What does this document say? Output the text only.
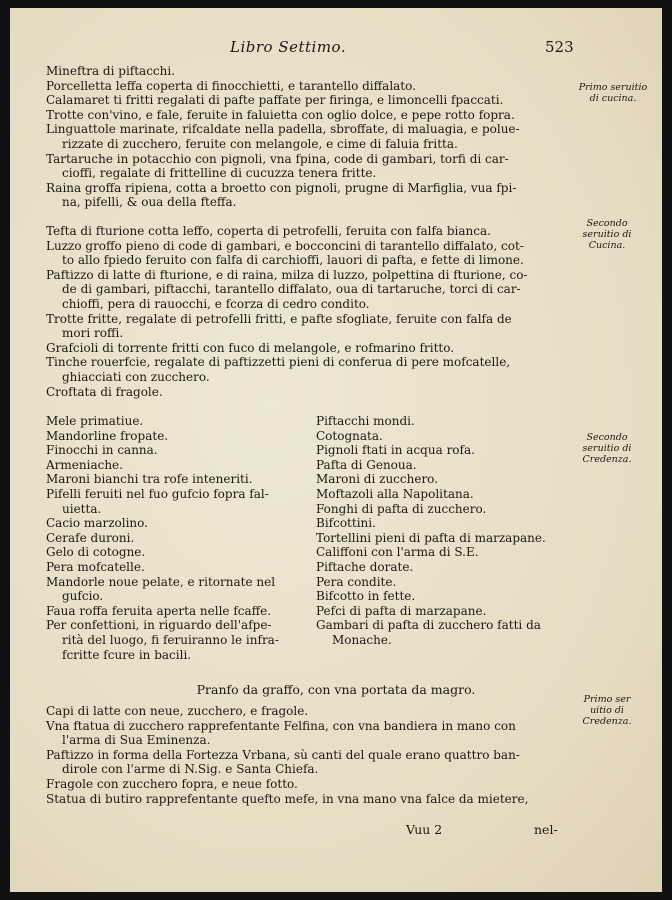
Libro Settimo.	523
Mineftra di piftacchi.
Porcelletta leffa coperta di finocchietti, e tarantello diffalato.
Calamaret ti fritti regalati di pafte paffate per firinga, e limoncelli fpaccati.
Trotte con'vino, e fale, feruite in faluietta con oglio dolce, e pepe rotto fopra.
Linguattole marinate, rifcaldate nella padella, sbroffate, di maluagia, e polue-
rizzate di zucchero, feruite con melangole, e cime di faluia fritta.
Tartaruche in potacchio con pignoli, vna fpina, code di gambari, torfi di car-
cioffi, regalate di frittelline di cucuzza tenera fritte.
Raina groffa ripiena, cotta a broetto con pignoli, prugne di Marfiglia, vua fpi-
na, pifelli, & oua della fteffa.
Primo seruitio di cucina.
Tefta di fturione cotta leffo, coperta di petrofelli, feruita con falfa bianca.
Luzzo groffo pieno di code di gambari, e bocconcini di tarantello diffalato, cot-
to allo fpiedo feruito con falfa di carchioffi, lauori di pafta, e fette di limone.
Paftizzo di latte di fturione, e di raina, milza di luzzo, polpettina di fturione, co-
de di gambari, piftacchi, tarantello diffalato, oua di tartaruche, torci di car-
chioffi, pera di rauocchi, e fcorza di cedro condito.
Trotte fritte, regalate di petrofelli fritti, e pafte sfogliate, feruite con falfa de
mori roffi.
Grafcioli di torrente fritti con fuco di melangole, e rofmarino fritto.
Tinche rouerfcie, regalate di paftizzetti pieni di conferua di pere mofcatelle,
ghiacciati con zucchero.
Croftata di fragole.
Secondo seruitio di Cucina.
Mele primatiue.
Mandorline fropate.
Finocchi in canna.
Armeniache.
Maroni bianchi tra rofe inteneriti.
Pifelli feruiti nel fuo gufcio fopra fal-
uietta.
Cacio marzolino.
Cerafe duroni.
Gelo di cotogne.
Pera mofcatelle.
Mandorle noue pelate, e ritornate nel
gufcio.
Faua roffa feruita aperta nelle fcaffe.
Per confettioni, in riguardo dell'afpe-
rità del luogo, fi feruiranno le infra-
fcritte fcure in bacili.
Piftacchi mondi.
Cotognata.
Pignoli ftati in acqua rofa.
Pafta di Genoua.
Maroni di zucchero.
Moftazoli alla Napolitana.
Fonghi di pafta di zucchero.
Bifcottini.
Tortellini pieni di pafta di marzapane.
Califfoni con l'arma di S.E.
Piftache dorate.
Pera condite.
Bifcotto in fette.
Pefci di pafta di marzapane.
Gambari di pafta di zucchero fatti da
Monache.
Secondo seruitio di Credenza.
Pranfo da graffo, con vna portata da magro.
Capi di latte con neue, zucchero, e fragole.
Vna ftatua di zucchero rapprefentante Felfina, con vna bandiera in mano con
l'arma di Sua Eminenza.
Paftizzo in forma della Fortezza Vrbana, sù canti del quale erano quattro ban-
dirole con l'arme di N.Sig. e Santa Chiefa.
Fragole con zucchero fopra, e neue fotto.
Statua di butiro rapprefentante quefto mefe, in vna mano vna falce da mietere,
Primo ser uitio di Credenza.
Vuu 2	nel-
